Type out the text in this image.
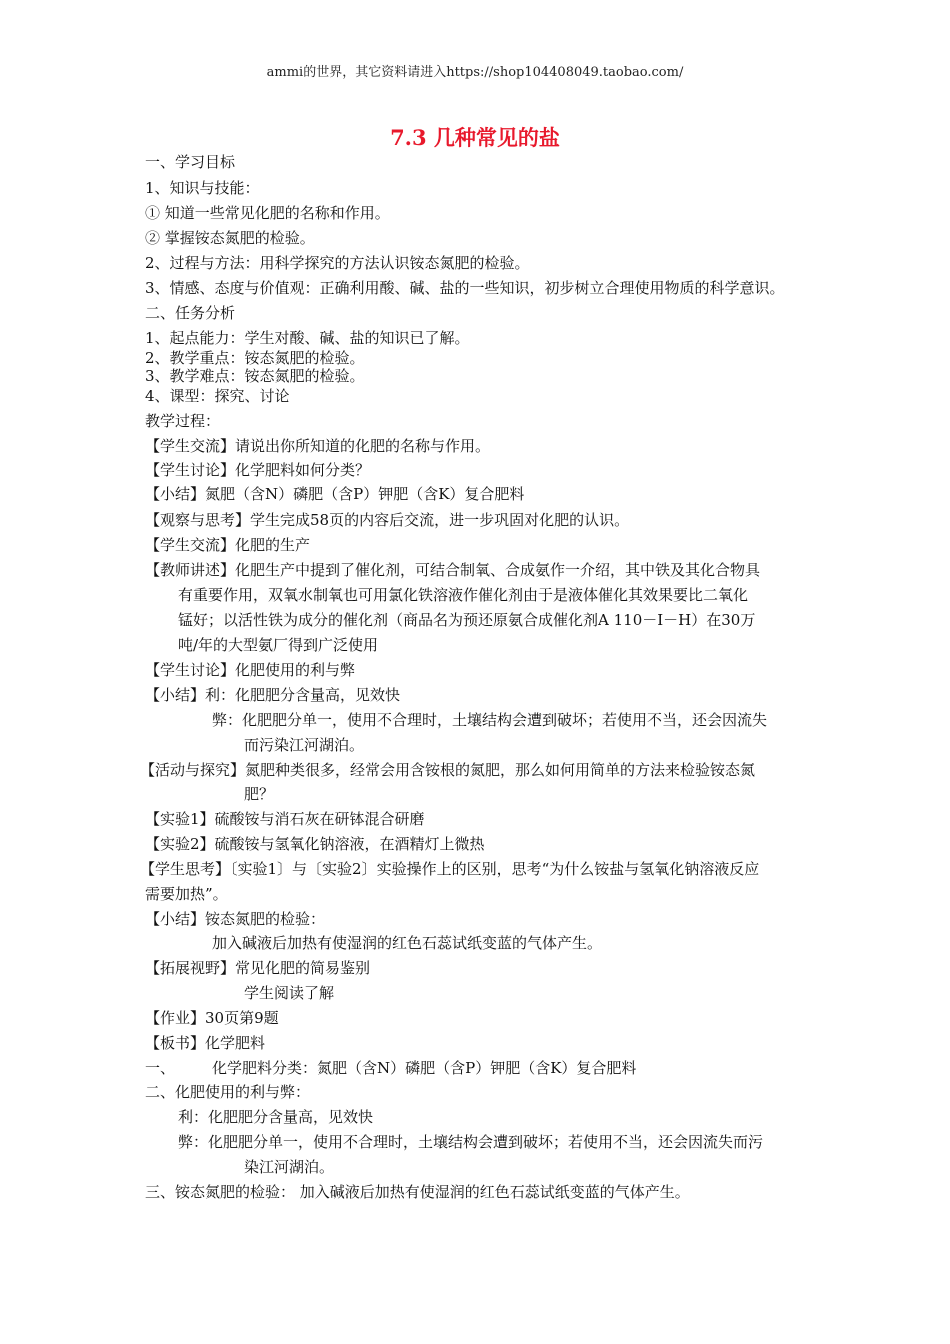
ammi的世界，其它资料请进入https://shop104408049.taobao.com/
7.3 几种常见的盐
一、学习目标
1、知识与技能：
① 知道一些常见化肥的名称和作用。
② 掌握铵态氮肥的检验。
2、过程与方法：用科学探究的方法认识铵态氮肥的检验。
3、情感、态度与价值观：正确利用酸、碱、盐的一些知识，初步树立合理使用物质的科学意识。
二、任务分析
1、起点能力：学生对酸、碱、盐的知识已了解。
2、教学重点：铵态氮肥的检验。
3、教学难点：铵态氮肥的检验。
4、课型：探究、讨论
教学过程：
【学生交流】请说出你所知道的化肥的名称与作用。
【学生讨论】化学肥料如何分类？
【小结】氮肥（含N）磷肥（含P）钾肥（含K）复合肥料
【观察与思考】学生完成58页的内容后交流，进一步巩固对化肥的认识。
【学生交流】化肥的生产
【教师讲述】化肥生产中提到了催化剂，可结合制氧、合成氨作一介绍，其中铁及其化合物具
有重要作用，双氧水制氧也可用氯化铁溶液作催化剂由于是液体催化其效果要比二氧化
锰好；以活性铁为成分的催化剂（商品名为预还原氨合成催化剂A 110－Ⅰ－H）在30万
吨/年的大型氨厂得到广泛使用
【学生讨论】化肥使用的利与弊
【小结】利：化肥肥分含量高，见效快
弊：化肥肥分单一，使用不合理时，土壤结构会遭到破坏；若使用不当，还会因流失
而污染江河湖泊。
【活动与探究】氮肥种类很多，经常会用含铵根的氮肥，那么如何用简单的方法来检验铵态氮
肥？
【实验1】硫酸铵与消石灰在研钵混合研磨
【实验2】硫酸铵与氢氧化钠溶液，在酒精灯上微热
【学生思考】〔实验1〕与〔实验2〕实验操作上的区别，思考“为什么铵盐与氢氧化钠溶液反应
需要加热”。
【小结】铵态氮肥的检验：
加入碱液后加热有使湿润的红色石蕊试纸变蓝的气体产生。
【拓展视野】常见化肥的简易鉴别
学生阅读了解
【作业】30页第9题
【板书】化学肥料
一、 化学肥料分类：氮肥（含N）磷肥（含P）钾肥（含K）复合肥料
二、化肥使用的利与弊：
利：化肥肥分含量高，见效快
弊：化肥肥分单一，使用不合理时，土壤结构会遭到破坏；若使用不当，还会因流失而污
染江河湖泊。
三、铵态氮肥的检验： 加入碱液后加热有使湿润的红色石蕊试纸变蓝的气体产生。
